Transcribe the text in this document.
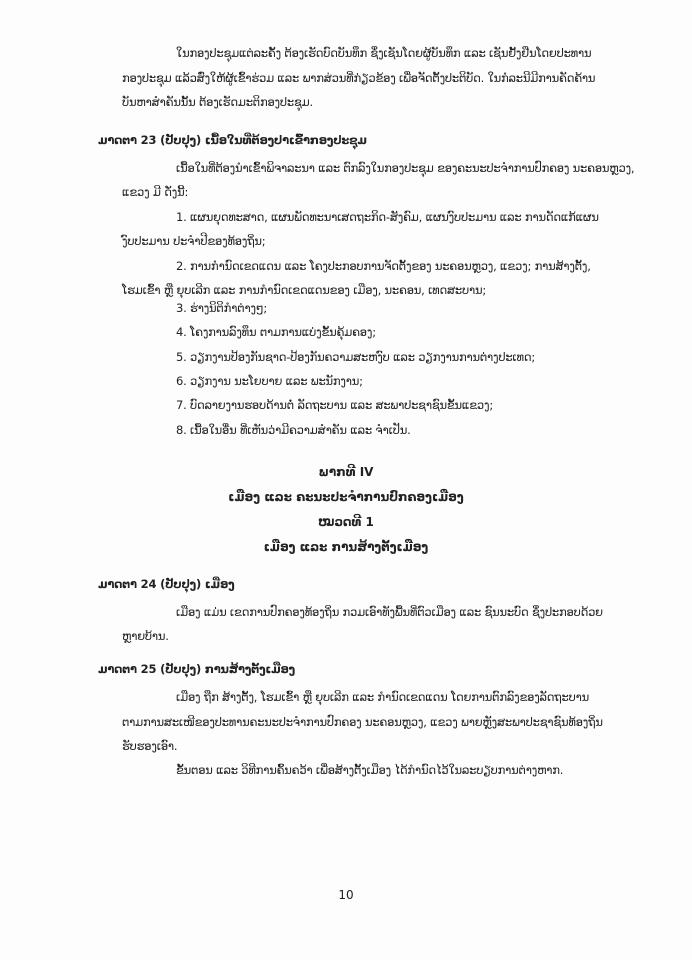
ໃນກອງປະຊຸມແຕ່ລະຄັ້ງ ຕ້ອງເຮັດບົດບັນທຶກ ຊຶ່ງເຊັນໂດຍຜູ້ບັນທຶກ ແລະ ເຊັນຢັ້ງຢືນໂດຍປະທານ
ກອງປະຊຸມ ແລ້ວສົ່ງໃຫ້ຜູ້ເຂົ້າຮ່ວມ ແລະ ພາກສ່ວນທີ່ກ່ຽວຂ້ອງ ເພື່ອຈັດຕັ້ງປະຕິບັດ. ໃນກໍລະນີມີການຄັດຄ້ານ
ບັນຫາສຳຄັນນັ້ນ ຕ້ອງເຮັດມະຕິກອງປະຊຸມ.
ມາດຕາ 23 (ປັບປຸງ) ເນື້ອໃນທີ່ຕ້ອງປາເຂົ້າກອງປະຊຸມ
ເນື້ອໃນທີ່ຕ້ອງນຳເຂົ້າພິຈາລະນາ ແລະ ຕົກລົງໃນກອງປະຊຸມ ຂອງຄະນະປະຈຳການປົກຄອງ ນະຄອນຫຼວງ,
ແຂວງ ມີ ດັ່ງນີ້:
1. ແຜນຍຸດທະສາດ, ແຜນພັດທະນາເສດຖະກິດ-ສັງຄົມ, ແຜນງົບປະມານ ແລະ ການດັດແກ້ແຜນ
ງົບປະມານ ປະຈຳປີຂອງທ້ອງຖິ່ນ;
2. ການກຳນົດເຂດແດນ ແລະ ໂຄງປະກອບການຈັດຕັ້ງຂອງ ນະຄອນຫຼວງ, ແຂວງ; ການສ້າງຕັ້ງ,
ໂຮມເຂົ້າ ຫຼື ຍຸບເລີກ ແລະ ການກຳນົດເຂດແດນຂອງ ເມືອງ, ນະຄອນ, ເທດສະບານ;
3. ຮ່າງນິຕິກຳຕ່າງໆ;
4. ໂຄງການລົງທຶນ ຕາມການແບ່ງຂັ້ນຄຸ້ມຄອງ;
5. ວຽກງານປ້ອງກັນຊາດ-ປ້ອງກັນຄວາມສະຫງົບ ແລະ ວຽກງານການຕ່າງປະເທດ;
6. ວຽກງານ ນະໂຍບາຍ ແລະ ພະນັກງານ;
7. ບົດລາຍງານຮອບດ້ານຕໍ່ ລັດຖະບານ ແລະ ສະພາປະຊາຊົນຂັ້ນແຂວງ;
8. ເນື້ອໃນອື່ນ ທີ່ເຫັນວ່າມີຄວາມສຳຄັນ ແລະ ຈຳເປັນ.
ພາກທີ IV
ເມືອງ ແລະ ຄະນະປະຈຳການປົກຄອງເມືອງ
ໝວດທີ 1
ເມືອງ ແລະ ການສ້າງຕັ້ງເມືອງ
ມາດຕາ 24 (ປັບປຸງ) ເມືອງ
ເມືອງ ແມ່ນ ເຂດການປົກຄອງທ້ອງຖິ່ນ ກວມເອົາທັງພື້ນທີ່ຕົວເມືອງ ແລະ ຊົນນະບົດ ຊຶ່ງປະກອບດ້ວຍ
ຫຼາຍບ້ານ.
ມາດຕາ 25 (ປັບປຸງ) ການສ້າງຕັ້ງເມືອງ
ເມືອງ ຖືກ ສ້າງຕັ້ງ, ໂຮມເຂົ້າ ຫຼື ຍຸບເລີກ ແລະ ກຳນົດເຂດແດນ ໂດຍການຕົກລົງຂອງລັດຖະບານ
ຕາມການສະເໜີຂອງປະທານຄະນະປະຈຳການປົກຄອງ ນະຄອນຫຼວງ, ແຂວງ ພາຍຫຼັງສະພາປະຊາຊົນທ້ອງຖິ່ນ
ຮັບຮອງເອົາ.
ຂັ້ນຕອນ ແລະ ວິທີການຄົ້ນຄວ້າ ເພື່ອສ້າງຕັ້ງເມືອງ ໄດ້ກຳນົດໄວ້ໃນລະບຽບການຕ່າງຫາກ.
10
